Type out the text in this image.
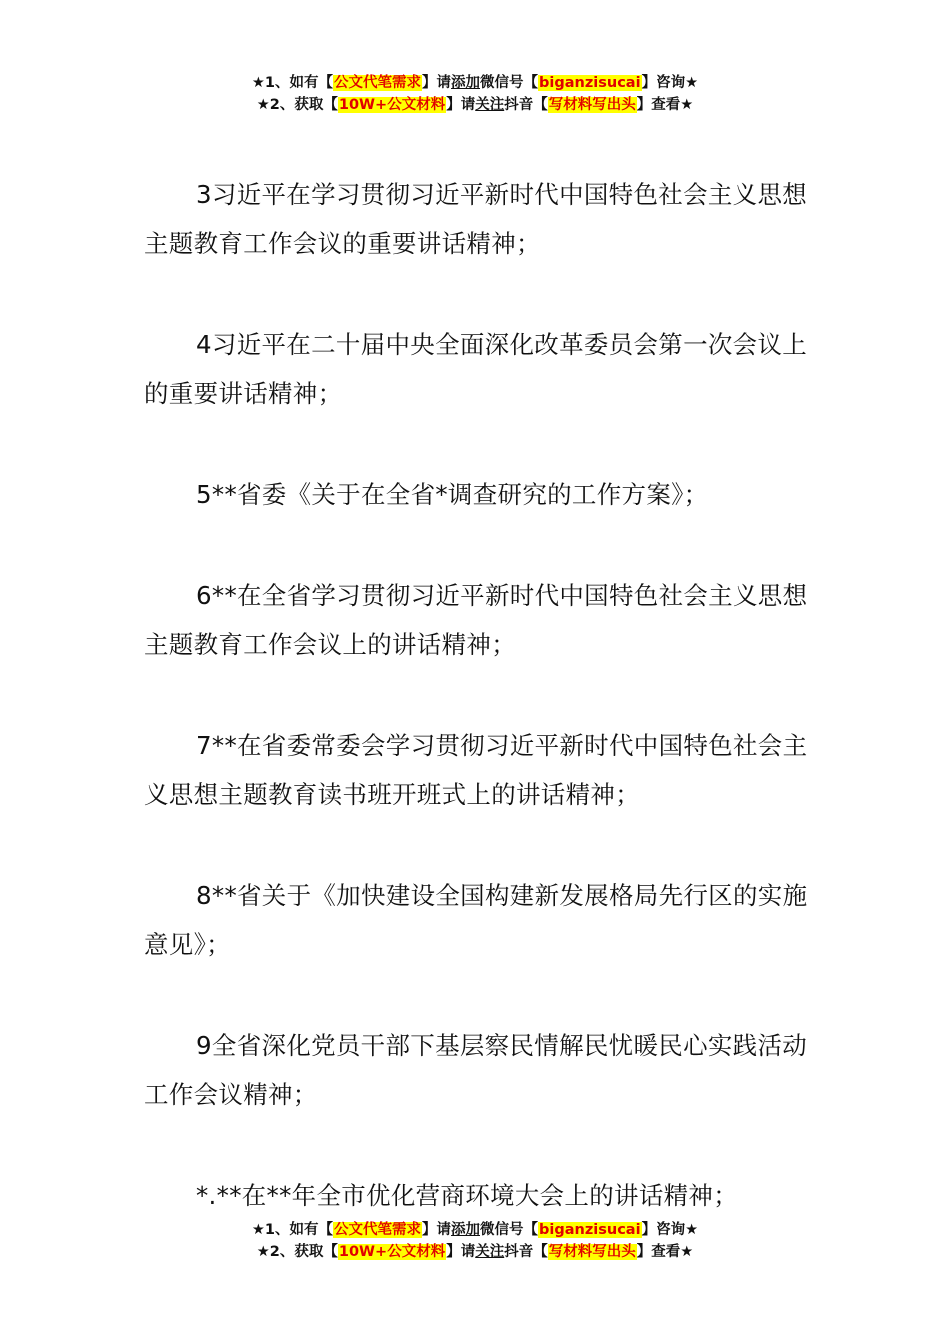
★1、如有【公文代笔需求】请添加微信号【biganzisucai】咨询★
★2、获取【10W+公文材料】请关注抖音【写材料写出头】查看★

3习近平在学习贯彻习近平新时代中国特色社会主义思想主题教育工作会议的重要讲话精神；

4习近平在二十届中央全面深化改革委员会第一次会议上的重要讲话精神；

5**省委《关于在全省*调查研究的工作方案》；

6**在全省学习贯彻习近平新时代中国特色社会主义思想主题教育工作会议上的讲话精神；

7**在省委常委会学习贯彻习近平新时代中国特色社会主义思想主题教育读书班开班式上的讲话精神；

8**省关于《加快建设全国构建新发展格局先行区的实施意见》；

9全省深化党员干部下基层察民情解民忧暖民心实践活动工作会议精神；

*.**在**年全市优化营商环境大会上的讲话精神；

★1、如有【公文代笔需求】请添加微信号【biganzisucai】咨询★
★2、获取【10W+公文材料】请关注抖音【写材料写出头】查看★
